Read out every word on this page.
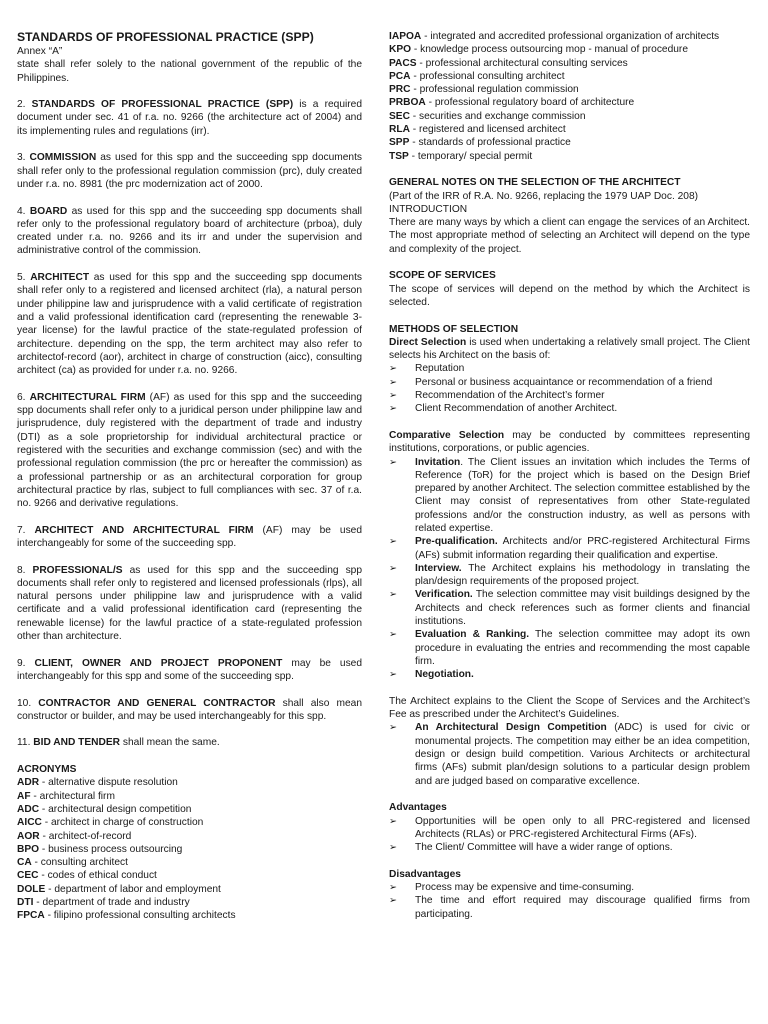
STANDARDS OF PROFESSIONAL PRACTICE (SPP)

Annex “A”

state shall refer solely to the national government of the republic of the Philippines.

2. STANDARDS OF PROFESSIONAL PRACTICE (SPP) is a required document under sec. 41 of r.a. no. 9266 (the architecture act of 2004) and its implementing rules and regulations (irr).

3. COMMISSION as used for this spp and the succeeding spp documents shall refer only to the professional regulation commission (prc), duly created under r.a. no. 8981 (the prc modernization act of 2000.

4. BOARD as used for this spp and the succeeding spp documents shall refer only to the professional regulatory board of architecture (prboa), duly created under r.a. no. 9266 and its irr and under the supervision and administrative control of the commission.

5. ARCHITECT as used for this spp and the succeeding spp documents shall refer only to a registered and licensed architect (rla), a natural person under philippine law and jurisprudence with a valid certificate of registration and a valid professional identification card (representing the renewable 3-year license) for the lawful practice of the state-regulated profession of architecture. depending on the spp, the term architect may also refer to architectof-record (aor), architect in charge of construction (aicc), consulting architect (ca) as provided for under r.a. no. 9266.

6. ARCHITECTURAL FIRM (AF) as used for this spp and the succeeding spp documents shall refer only to a juridical person under philippine law and jurisprudence, duly registered with the department of trade and industry (DTI) as a sole proprietorship for individual architectural practice or registered with the securities and exchange commission (sec) and with the professional regulation commission (the prc or hereafter the commission) as a professional partnership or as an architectural corporation for group architectural practice by rlas, subject to full compliances with sec. 37 of r.a. no. 9266 and derivative regulations.

7. ARCHITECT AND ARCHITECTURAL FIRM (AF) may be used interchangeably for some of the succeeding spp.

8. PROFESSIONAL/S as used for this spp and the succeeding spp documents shall refer only to registered and licensed professionals (rlps), all natural persons under philippine law and jurisprudence with a valid certificate and a valid professional identification card (representing the renewable license) for the lawful practice of a state-regulated profession other than architecture.

9. CLIENT, OWNER AND PROJECT PROPONENT may be used interchangeably for this spp and some of the succeeding spp.

10. CONTRACTOR AND GENERAL CONTRACTOR shall also mean constructor or builder, and may be used interchangeably for this spp.

11. BID AND TENDER shall mean the same.

ACRONYMS

ADR - alternative dispute resolution
AF - architectural firm
ADC - architectural design competition
AICC - architect in charge of construction
AOR - architect-of-record
BPO - business process outsourcing
CA - consulting architect
CEC - codes of ethical conduct
DOLE - department of labor and employment
DTI - department of trade and industry
FPCA - filipino professional consulting architects
IAPOA - integrated and accredited professional organization of architects
KPO - knowledge process outsourcing mop - manual of procedure
PACS - professional architectural consulting services
PCA - professional consulting architect
PRC - professional regulation commission
PRBOA - professional regulatory board of architecture
SEC - securities and exchange commission
RLA - registered and licensed architect
SPP - standards of professional practice
TSP - temporary/ special permit

GENERAL NOTES ON THE SELECTION OF THE ARCHITECT

(Part of the IRR of R.A. No. 9266, replacing the 1979 UAP Doc. 208)

INTRODUCTION

There are many ways by which a client can engage the services of an Architect. The most appropriate method of selecting an Architect will depend on the type and complexity of the project.

SCOPE OF SERVICES

The scope of services will depend on the method by which the Architect is selected.

METHODS OF SELECTION

Direct Selection is used when undertaking a relatively small project. The Client selects his Architect on the basis of:

➢	Reputation
➢	Personal or business acquaintance or recommendation of a friend
➢	Recommendation of the Architect’s former
➢	Client Recommendation of another Architect.

Comparative Selection may be conducted by committees representing institutions, corporations, or public agencies.

➢	Invitation. The Client issues an invitation which includes the Terms of Reference (ToR) for the project which is based on the Design Brief prepared by another Architect. The selection committee established by the Client may consist of representatives from other State-regulated professions and/or the construction industry, as well as persons with related expertise.
➢	Pre-qualification. Architects and/or PRC-registered Architectural Firms (AFs) submit information regarding their qualification and expertise.
➢	Interview. The Architect explains his methodology in translating the plan/design requirements of the proposed project.
➢	Verification. The selection committee may visit buildings designed by the Architects and check references such as former clients and financial institutions.
➢	Evaluation & Ranking. The selection committee may adopt its own procedure in evaluating the entries and recommending the most capable firm.
➢	Negotiation.

The Architect explains to the Client the Scope of Services and the Architect’s Fee as prescribed under the Architect’s Guidelines.

➢	An Architectural Design Competition (ADC) is used for civic or monumental projects. The competition may either be an idea competition, design or design build competition. Various Architects or architectural firms (AFs) submit plan/design solutions to a particular design problem and are judged based on comparative excellence.

Advantages

➢	Opportunities will be open only to all PRC-registered and licensed Architects (RLAs) or PRC-registered Architectural Firms (AFs).
➢	The Client/ Committee will have a wider range of options.

Disadvantages

➢	Process may be expensive and time-consuming.
➢	The time and effort required may discourage qualified firms from participating.
